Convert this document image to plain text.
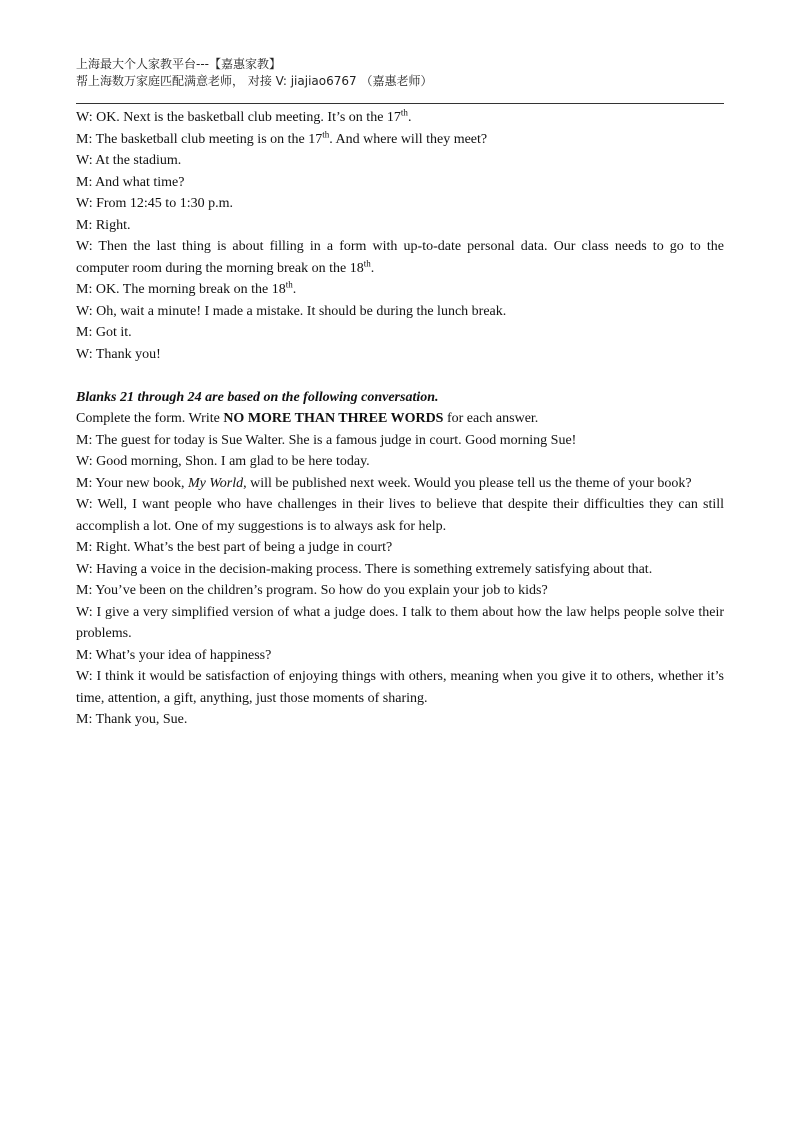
上海最大个人家教平台---【嘉惠家教】
帮上海数万家庭匹配满意老师， 对接 V: jiajiao6767 （嘉惠老师）

W: OK. Next is the basketball club meeting. It’s on the 17th.

M: The basketball club meeting is on the 17th. And where will they meet?

W: At the stadium.

M: And what time?

W: From 12:45 to 1:30 p.m.

M: Right.

W: Then the last thing is about filling in a form with up-to-date personal data. Our class needs to go to the computer room during the morning break on the 18th.

M: OK. The morning break on the 18th.

W: Oh, wait a minute! I made a mistake. It should be during the lunch break.

M: Got it.

W: Thank you!

Blanks 21 through 24 are based on the following conversation.

Complete the form. Write NO MORE THAN THREE WORDS for each answer.

M: The guest for today is Sue Walter. She is a famous judge in court. Good morning Sue!

W: Good morning, Shon. I am glad to be here today.

M: Your new book, My World, will be published next week. Would you please tell us the theme of your book?

W: Well, I want people who have challenges in their lives to believe that despite their difficulties they can still accomplish a lot. One of my suggestions is to always ask for help.

M: Right. What’s the best part of being a judge in court?

W: Having a voice in the decision-making process. There is something extremely satisfying about that.

M: You’ve been on the children’s program. So how do you explain your job to kids?

W: I give a very simplified version of what a judge does. I talk to them about how the law helps people solve their problems.

M: What’s your idea of happiness?

W: I think it would be satisfaction of enjoying things with others, meaning when you give it to others, whether it’s time, attention, a gift, anything, just those moments of sharing.

M: Thank you, Sue.
